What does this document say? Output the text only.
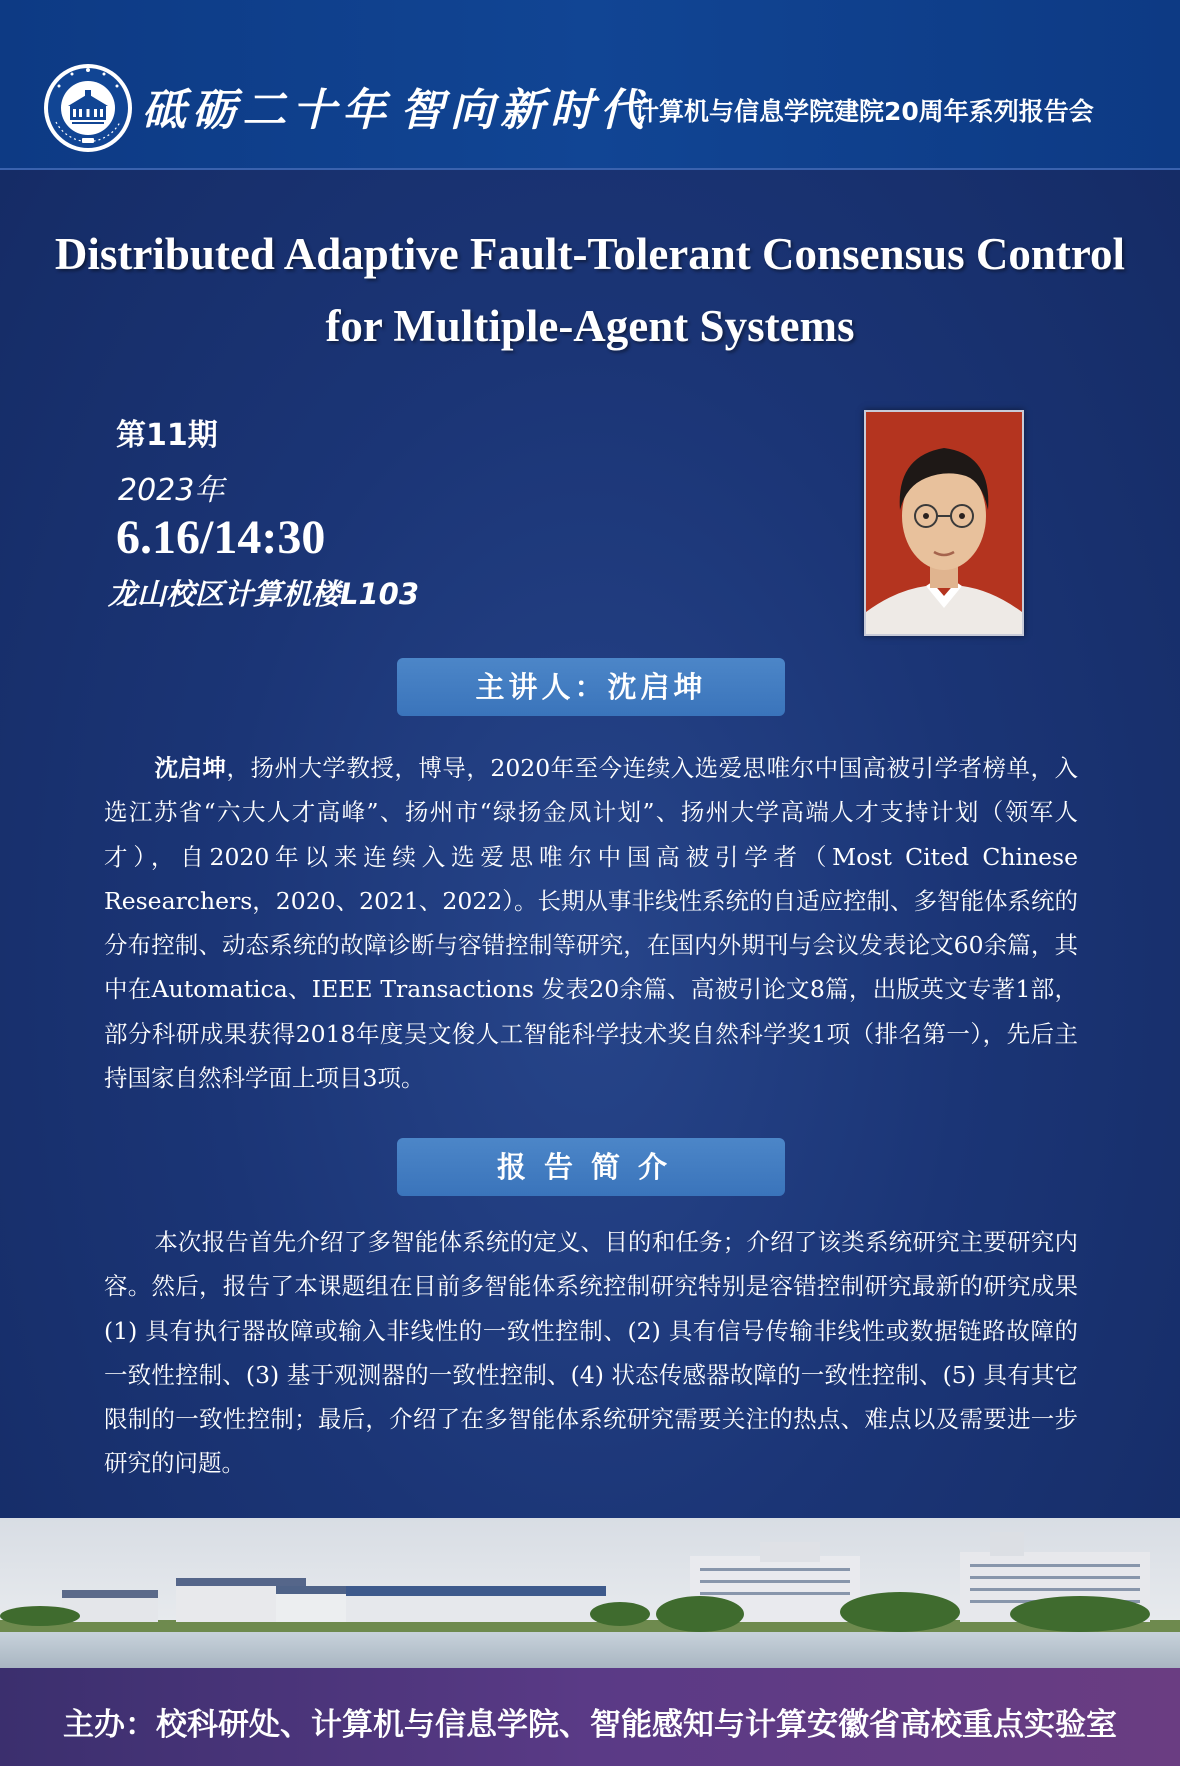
砥砺二十年 智向新时代
计算机与信息学院建院20周年系列报告会
Distributed Adaptive Fault-Tolerant Consensus Control
for Multiple-Agent Systems
第11期
2023年
6.16/14:30
龙山校区计算机楼L103
主讲人：沈启坤
沈启坤，扬州大学教授，博导，2020年至今连续入选爱思唯尔中国高被引学者榜单，入选江苏省“六大人才高峰”、扬州市“绿扬金凤计划”、扬州大学高端人才支持计划（领军人才），自2020年以来连续入选爱思唯尔中国高被引学者（Most Cited Chinese Researchers，2020、2021、2022）。长期从事非线性系统的自适应控制、多智能体系统的分布控制、动态系统的故障诊断与容错控制等研究，在国内外期刊与会议发表论文60余篇，其中在Automatica、IEEE Transactions 发表20余篇、高被引论文8篇，出版英文专著1部，部分科研成果获得2018年度吴文俊人工智能科学技术奖自然科学奖1项（排名第一），先后主持国家自然科学面上项目3项。
报告简介
本次报告首先介绍了多智能体系统的定义、目的和任务；介绍了该类系统研究主要研究内容。然后，报告了本课题组在目前多智能体系统控制研究特别是容错控制研究最新的研究成果(1) 具有执行器故障或输入非线性的一致性控制、(2) 具有信号传输非线性或数据链路故障的一致性控制、(3) 基于观测器的一致性控制、(4) 状态传感器故障的一致性控制、(5) 具有其它限制的一致性控制；最后，介绍了在多智能体系统研究需要关注的热点、难点以及需要进一步研究的问题。
主办：校科研处、计算机与信息学院、智能感知与计算安徽省高校重点实验室
